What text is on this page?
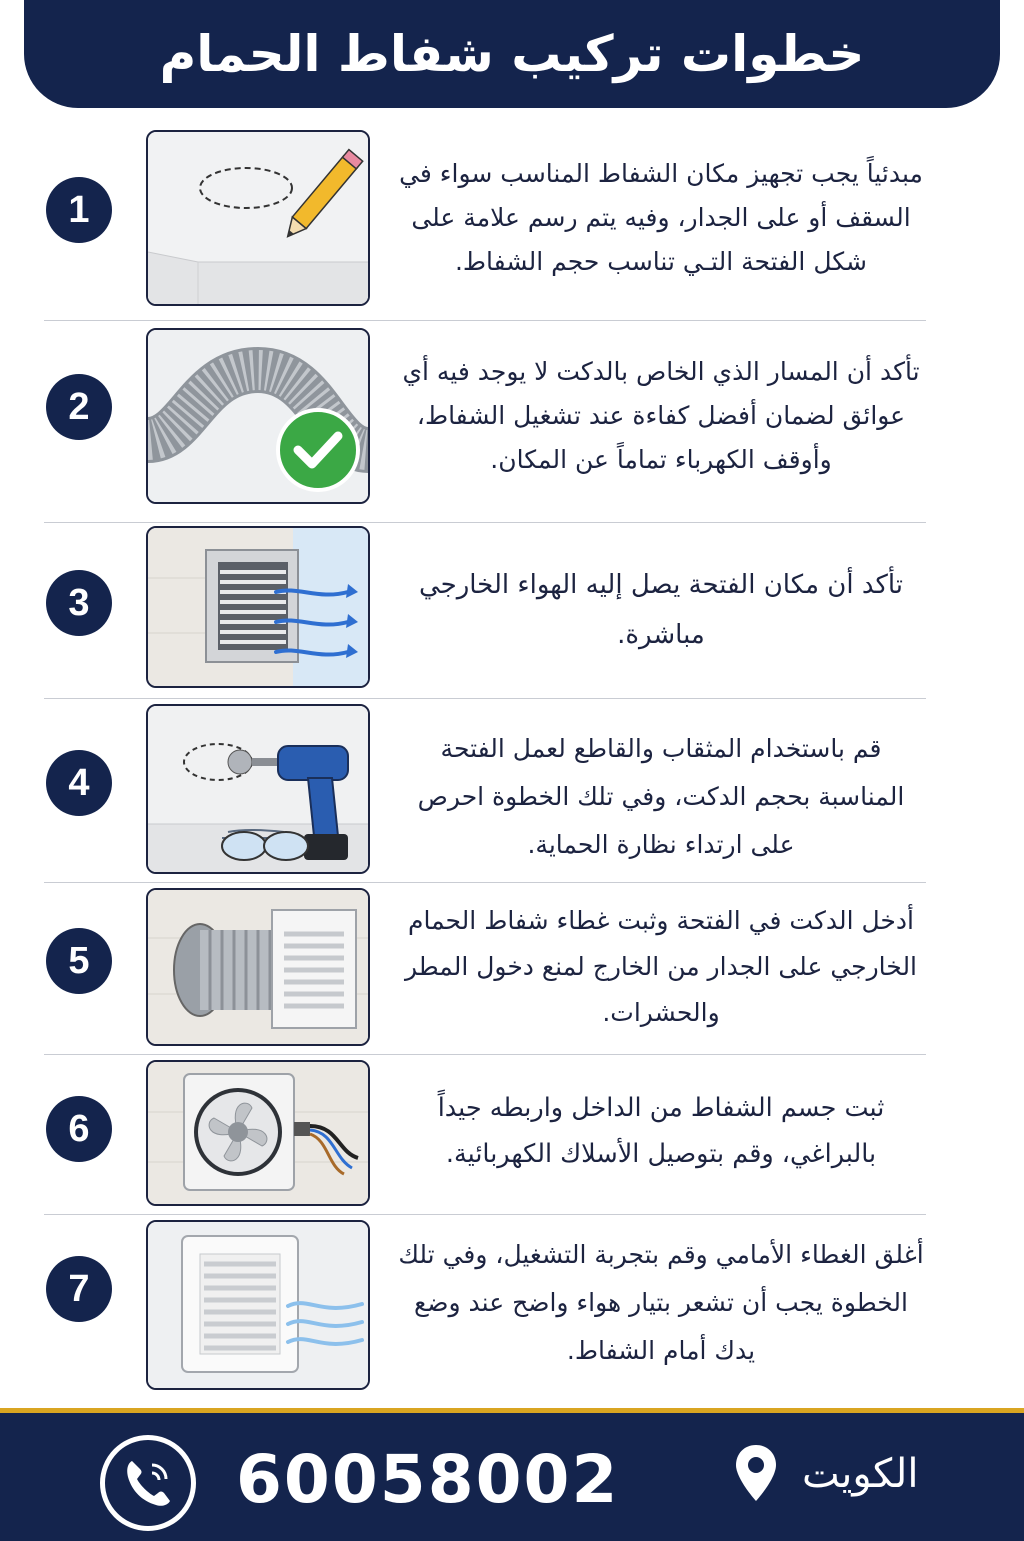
خطوات تركيب شفاط الحمام
1
مبدئياً يجب تجهيز مكان الشفاط المناسب سواء في السقف أو على الجدار، وفيه يتم رسم علامة على شكل الفتحة التـي تناسب حجم الشفاط.
2
تأكد أن المسار الذي الخاص بالدكت لا يوجد فيه أي عوائق لضمان أفضل كفاءة عند تشغيل الشفاط، وأوقف الكهرباء تماماً عن المكان.
3	تأكد أن مكان الفتحة يصل إليه الهواء الخارجي مباشرة.
4
قم باستخدام المثقاب والقاطع لعمل الفتحة المناسبة بحجم الدكت، وفي تلك الخطوة احرص على ارتداء نظارة الحماية.
5
أدخل الدكت في الفتحة وثبت غطاء شفاط الحمام الخارجي على الجدار من الخارج لمنع دخول المطر والحشرات.
6	ثبت جسم الشفاط من الداخل واربطه جيداً بالبراغي، وقم بتوصيل الأسلاك الكهربائية.
7
أغلق الغطاء الأمامي وقم بتجربة التشغيل، وفي تلك الخطوة يجب أن تشعر بتيار هواء واضح عند وضع يدك أمام الشفاط.
60058002	الكويت
